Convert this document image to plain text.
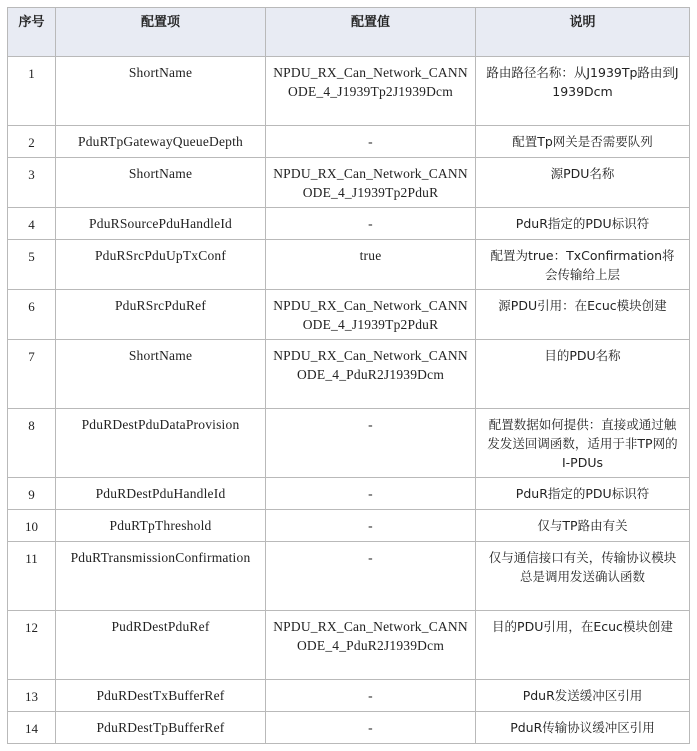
序号	配置项	配置值	说明
1	ShortName	NPDU_RX_Can_Network_CANNODE_4_J1939Tp2J1939Dcm	路由路径名称：从J1939Tp路由到J1939Dcm
2	PduRTpGatewayQueueDepth	-	配置Tp网关是否需要队列
3	ShortName	NPDU_RX_Can_Network_CANNODE_4_J1939Tp2PduR	源PDU名称
4	PduRSourcePduHandleId	-	PduR指定的PDU标识符
5	PduRSrcPduUpTxConf	true	配置为true：TxConfirmation将会传输给上层
6	PduRSrcPduRef	NPDU_RX_Can_Network_CANNODE_4_J1939Tp2PduR	源PDU引用：在Ecuc模块创建
7	ShortName	NPDU_RX_Can_Network_CANNODE_4_PduR2J1939Dcm	目的PDU名称
8	PduRDestPduDataProvision	-	配置数据如何提供：直接或通过触发发送回调函数，适用于非TP网的I-PDUs
9	PduRDestPduHandleId	-	PduR指定的PDU标识符
10	PduRTpThreshold	-	仅与TP路由有关
11	PduRTransmissionConfirmation	-	仅与通信接口有关，传输协议模块总是调用发送确认函数
12	PudRDestPduRef	NPDU_RX_Can_Network_CANNODE_4_PduR2J1939Dcm	目的PDU引用，在Ecuc模块创建
13	PduRDestTxBufferRef	-	PduR发送缓冲区引用
14	PduRDestTpBufferRef	-	PduR传输协议缓冲区引用
